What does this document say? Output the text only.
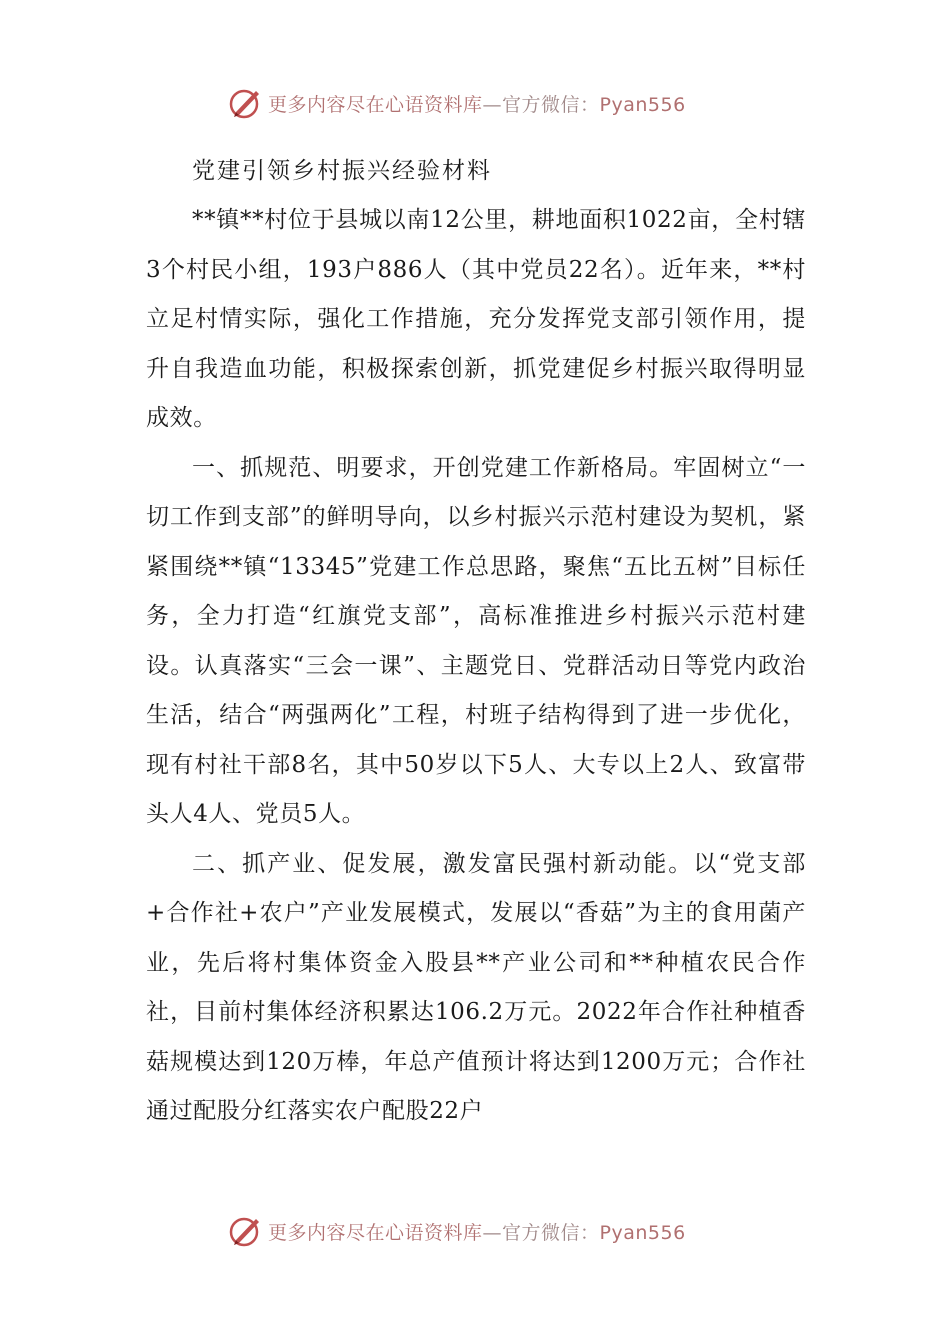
更多内容尽在心语资料库—官方微信：Pyan556
党建引领乡村振兴经验材料

**镇**村位于县城以南12公里，耕地面积1022亩，全村辖3个村民小组，193户886人（其中党员22名）。近年来，**村立足村情实际，强化工作措施，充分发挥党支部引领作用，提升自我造血功能，积极探索创新，抓党建促乡村振兴取得明显成效。

一、抓规范、明要求，开创党建工作新格局。牢固树立“一切工作到支部”的鲜明导向，以乡村振兴示范村建设为契机，紧紧围绕**镇“13345”党建工作总思路，聚焦“五比五树”目标任务，全力打造“红旗党支部”，高标准推进乡村振兴示范村建设。认真落实“三会一课”、主题党日、党群活动日等党内政治生活，结合“两强两化”工程，村班子结构得到了进一步优化，现有村社干部8名，其中50岁以下5人、大专以上2人、致富带头人4人、党员5人。

二、抓产业、促发展，激发富民强村新动能。以“党支部+合作社+农户”产业发展模式，发展以“香菇”为主的食用菌产业，先后将村集体资金入股县**产业公司和**种植农民合作社，目前村集体经济积累达106.2万元。2022年合作社种植香菇规模达到120万棒，年总产值预计将达到1200万元；合作社通过配股分红落实农户配股22户

更多内容尽在心语资料库—官方微信：Pyan556
